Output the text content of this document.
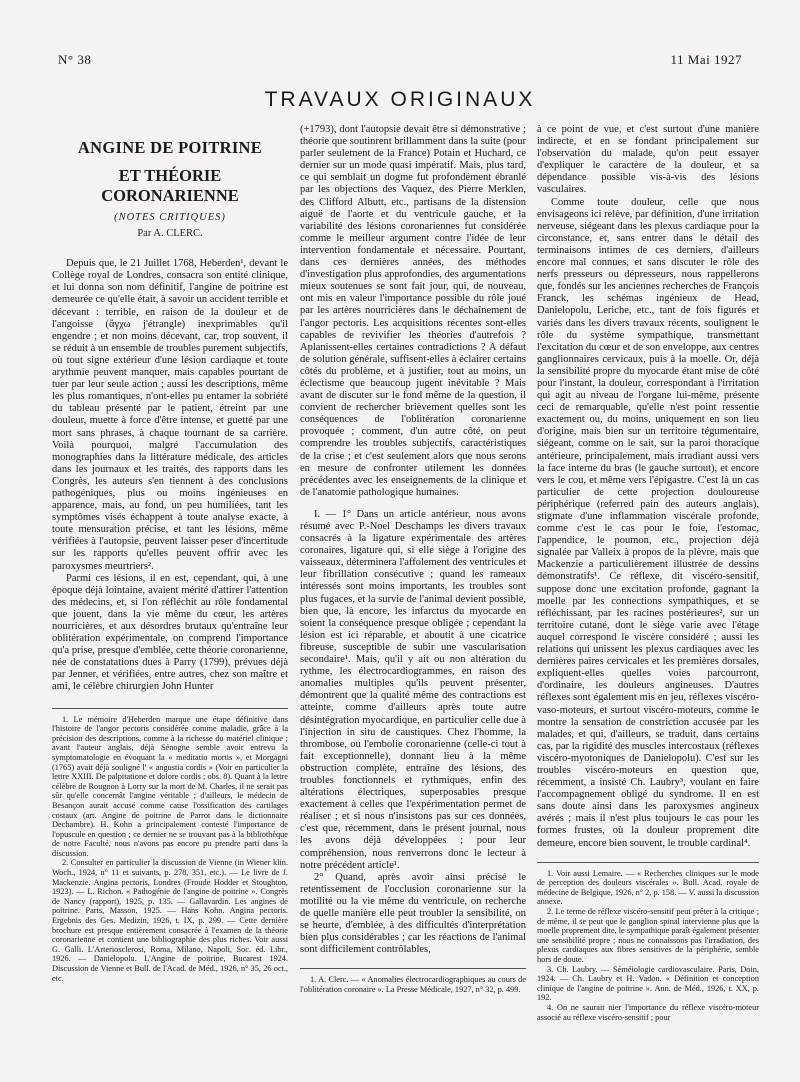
N° 38	11 Mai 1927
TRAVAUX ORIGINAUX
ANGINE DE POITRINE
ET THÉORIE CORONARIENNE
(NOTES CRITIQUES)
Par A. CLERC.

Depuis que, le 21 Juillet 1768, Heberden¹, devant le Collège royal de Londres, consacra son entité clinique, et lui donna son nom définitif, l'angine de poitrine est demeurée ce qu'elle était, à savoir un accident terrible et décevant : terrible, en raison de la douleur et de l'angoisse (ἄγχω j'étrangle) inexprimables qu'il engendre ; et non moins décevant, car, trop souvent, il se réduit à un ensemble de troubles purement subjectifs, où tout signe extérieur d'une lésion cardiaque et toute arythmie peuvent manquer, mais capables pourtant de tuer par leur seule action ; aussi les descriptions, même les plus romantiques, n'ont-elles pu entamer la sobriété du tableau présenté par le patient, étreint par une douleur, muette à force d'être intense, et guetté par une mort sans phrases, à chaque tournant de sa carrière. Voilà pourquoi, malgré l'accumulation des monographies dans la littérature médicale, des articles dans les journaux et les traités, des rapports dans les Congrès, les auteurs s'en tiennent à des conclusions pathogéniques, plus ou moins ingénieuses en apparence, mais, au fond, un peu humiliées, tant les symptômes visés échappent à toute analyse exacte, à toute mensuration précise, et tant les lésions, même vérifiées à l'autopsie, peuvent laisser peser d'incertitude sur les rapports qu'elles peuvent offrir avec les paroxysmes meurtriers².

Parmi ces lésions, il en est, cependant, qui, à une époque déjà lointaine, avaient mérité d'attirer l'attention des médecins, et, si l'on réfléchit au rôle fondamental que jouent, dans la vie même du cœur, les artères nourricières, et aux désordres brutaux qu'entraîne leur oblitération expérimentale, on comprend l'importance qu'a prise, presque d'emblée, cette théorie coronarienne, née de constatations dues à Parry (1799), prévues déjà par Jenner, et vérifiées, entre autres, chez son maître et ami, le célèbre chirurgien John Hunter

1. Le mémoire d'Heberden marque une étape définitive dans l'histoire de l'angor pectoris considérée comme maladie, grâce à la précision des descriptions, comme à la richesse du matériel clinique ; avant l'auteur anglais, déjà Sénogne semble avoir entrevu la symptomatologie en évoquant la « meditatio mortis », et Morgagni (1765) avait déjà souligné l' « angustia cordis » (Voir en particulier la lettre XXIII. De palpitatione et dolore cordis ; obs. 8). Quant à la lettre célèbre de Rougnon à Lorry sur la mort de M. Charles, il ne serait pas sûr qu'elle concernât l'angine véritable ; d'ailleurs, le médecin de Besançon aurait accusé comme cause l'ossification des cartilages costaux (art. Angine de poitrine de Parrot dans le dictionnaire Dechambre). H. Kohn a principalement contesté l'importance de l'opuscule en question ; ce dernier ne se trouvant pas à la bibliothèque de notre Faculté, nous n'avons pas encore pu prendre parti dans la discussion.

2. Consulter en particulier la discussion de Vienne (in Wiener klin. Woch., 1924, n° 11 et suivants, p. 278, 351, etc.). — Le livre de J. Mackenzie. Angina pectoris, Londres (Froude Hodder et Stoughton, 1923). — L. Richon. « Pathogénie de l'angine de poitrine ». Congrès de Nancy (rapport), 1925, p. 135. — Gallavardin. Les angines de poitrine. Paris, Masson, 1925. — Hans Kohn. Angina pectoris. Ergebnis des Ges. Medizin, 1926, t. IX, p. 299. — Cette dernière brochure est presque entièrement consacrée à l'examen de la théorie coronarienne et contient une bibliographie des plus riches. Voir aussi G. Galli. L'Arteriosclerosi, Roma, Milano, Napoli, Soc. éd. Libr., 1926. — Danielopolu. L'Angine de poitrine, Bucarest 1924. Discussion de Vienne et Bull. de l'Acad. de Méd., 1926, n° 35, 26 oct., etc.

(+1793), dont l'autopsie devait être si démonstrative ; théorie que soutinrent brillamment dans la suite (pour parler seulement de la France) Potain et Huchard, ce dernier sur un mode quasi impératif. Mais, plus tard, ce qui semblait un dogme fut profondément ébranlé par les objections des Vaquez, des Pierre Merklen, des Clifford Albutt, etc., partisans de la distension aiguë de l'aorte et du ventricule gauche, et la variabilité des lésions coronariennes fut considérée comme le meilleur argument contre l'idée de leur intervention fondamentale et nécessaire. Pourtant, dans ces dernières années, des méthodes d'investigation plus approfondies, des argumentations mieux soutenues se sont fait jour, qui, de nouveau, ont mis en valeur l'importance possible du rôle joué par les artères nourricières dans le déchaînement de l'angor pectoris. Les acquisitions récentes sont-elles capables de revivifier les théories d'autrefois ? Aplanissent-elles certaines contradictions ? A défaut de solution générale, suffisent-elles à éclairer certains côtés du problème, et à justifier, tout au moins, un éclectisme que beaucoup jugent inévitable ? Mais avant de discuter sur le fond même de la question, il convient de rechercher brièvement quelles sont les conséquences de l'oblitération coronarienne provoquée ; comment, d'un autre côté, on peut comprendre les troubles subjectifs, caractéristiques de la crise ; et c'est seulement alors que nous serons en mesure de confronter utilement les données précédentes avec les enseignements de la clinique et de l'anatomie pathologique humaines.

I. — 1° Dans un article antérieur, nous avons résumé avec P.-Noel Deschamps les divers travaux consacrés à la ligature expérimentale des artères coronaires, ligature qui, si elle siège à l'origine des vaisseaux, déterminera l'affolement des ventricules et leur fibrillation consécutive ; quand les rameaux intéressés sont moins importants, les troubles sont plus fugaces, et la survie de l'animal devient possible, bien que, là encore, les infarctus du myocarde en soient la conséquence presque obligée ; cependant la lésion est ici réparable, et aboutit à une cicatrice fibreuse, susceptible de subir une vascularisation secondaire¹. Mais, qu'il y ait ou non altération du rythme, les électrocardiogrammes, en raison des anomalies multiples qu'ils peuvent présenter, démontrent que la qualité même des contractions est atteinte, comme d'ailleurs après toute autre désintégration myocardique, en particulier celle due à l'injection in situ de caustiques. Chez l'homme, la thrombose, ou l'embolie coronarienne (celle-ci tout à fait exceptionnelle), donnant lieu à la même obstruction complète, entraîne des lésions, des troubles fonctionnels et rythmiques, enfin des altérations électriques, superposables presque exactement à celles que l'expérimentation permet de réaliser ; et si nous n'insistons pas sur ces données, c'est que, récemment, dans le présent journal, nous les avons déjà développées ; pour leur compréhension, nous renverrons donc le lecteur à notre précédent article¹.

2° Quand, après avoir ainsi précisé le retentissement de l'occlusion coronarienne sur la motilité ou la vie même du ventricule, on recherche de quelle manière elle peut troubler la sensibilité, on se heurte, d'emblée, à des difficultés d'interprétation bien plus considérables ; car les réactions de l'animal sont difficilement contrôlables,

1. A. Clerc. — « Anomalies électrocardiographiques au cours de l'oblitération coronaire ». La Presse Médicale, 1927, n° 32, p. 499.

à ce point de vue, et c'est surtout d'une manière indirecte, et en se fondant principalement sur l'observation du malade, qu'on peut essayer d'expliquer le caractère de la douleur, et sa dépendance possible vis-à-vis des lésions vasculaires.

Comme toute douleur, celle que nous envisageons ici relève, par définition, d'une irritation nerveuse, siégeant dans les plexus cardiaque pour la circonstance, et, sans entrer dans le détail des terminaisons intimes de ces derniers, d'ailleurs encore mal connues, et sans discuter le rôle des nerfs presseurs ou dépresseurs, nous rappellerons que, fondés sur les anciennes recherches de François Franck, les schémas ingénieux de Head, Danielopolu, Leriche, etc., tant de fois figurés et variés dans les divers travaux récents, soulignent le rôle du système sympathique, transmettant l'excitation du cœur et de son enveloppe, aux centres ganglionnaires cervicaux, puis à la moelle. Or, déjà la sensibilité propre du myocarde étant mise de côté pour l'instant, la douleur, correspondant à l'irritation qui agit au niveau de l'organe lui-même, présente ceci de remarquable, qu'elle n'est point ressentie exactement ou, du moins, uniquement en son lieu d'origine, mais bien sur un territoire tégumentaire, siégeant, comme on le sait, sur la paroi thoracique antérieure, principalement, mais irradiant aussi vers la face interne du bras (le gauche surtout), et encore vers le cou, et même vers l'épigastre. C'est là un cas particulier de cette projection douloureuse périphérique (referred pain des auteurs anglais), stigmate d'une inflammation viscérale profonde, comme c'est le cas pour le foie, l'estomac, l'appendice, le poumon, etc., projection déjà signalée par Valleix à propos de la plèvre, mais que Mackenzie a particulièrement illustrée de dessins démonstratifs¹. Ce réflexe, dit viscéro-sensitif, suppose donc une excitation profonde, gagnant la moelle par les connections sympathiques, et se réfléchissant, par les racines postérieures², sur un territoire cutané, dont le siège varie avec l'étage auquel correspond le viscère considéré ; aussi les relations qui unissent les plexus cardiaques avec les dernières paires cervicales et les premières dorsales, expliquent-elles quelles voies parcourront, d'ordinaire, les douleurs angineuses. D'autres réflexes sont également mis en jeu, réflexes viscéro-vaso-moteurs, et surtout viscéro-moteurs, comme le montre la sensation de constriction accusée par les malades, et qui, d'ailleurs, se traduit, dans certains cas, par la rigidité des muscles intercostaux (réflexes viscéro-myotoniques de Danielopolu). C'est sur les troubles viscéro-moteurs en question que, récemment, a insisté Ch. Laubry³, voulant en faire l'accompagnement obligé du syndrome. Il en est sans doute ainsi dans les paroxysmes angineux avérés ; mais il n'est plus toujours le cas pour les formes frustes, où la douleur proprement dite demeure, encore bien souvent, le trouble cardinal⁴.

1. Voir aussi Lemaire. — « Recherches cliniques sur le mode de perception des douleurs viscérales ». Bull. Acad. royale de médecine de Belgique, 1926, n° 2, p. 158. — V. aussi la discussion annexe.

2. Le terme de réflexe viscéro-sensitif peut prêter à la critique ; de même, il se peut que le ganglion spinal intervienne plus que la moelle proprement dite, le sympathique paraît également présenter une sensibilité propre ; nous ne connaissons pas l'irradiation, des plexus cardiaques aux fibres sensitives de la périphérie, semble hors de doute.

3. Ch. Laubry. — Séméiologie cardiovasculaire. Paris, Doin, 1924. — Ch. Laubry et H. Vadon. « Définition et conception clinique de l'angine de poitrine ». Ann. de Méd., 1926, t. XX, p. 192.

4. On ne saurait nier l'importance du réflexe viscéro-moteur associé au réflexe viscéro-sensitif ; pour
